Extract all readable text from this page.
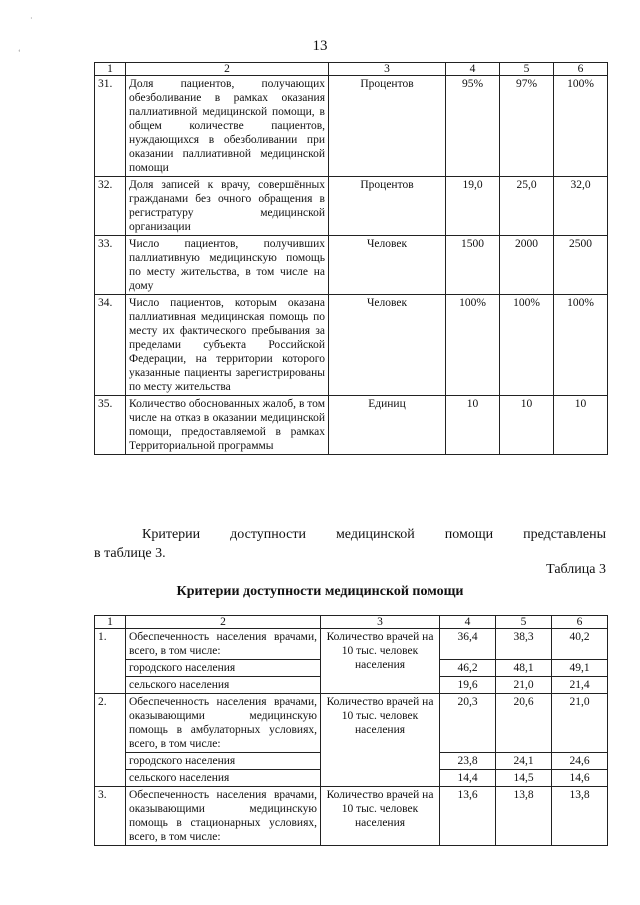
13
1	2	3	4	5	6
31.	Доля пациентов, получающих обезболивание в рамках оказания паллиативной медицинской помощи, в общем количестве пациентов, нуждающихся в обезболивании при оказании паллиативной медицинской помощи	Процентов	95%	97%	100%
32.	Доля записей к врачу, совершённых гражданами без очного обращения в регистратуру медицинской организации	Процентов	19,0	25,0	32,0
33.	Число пациентов, получивших паллиативную медицинскую помощь по месту жительства, в том числе на дому	Человек	1500	2000	2500
34.	Число пациентов, которым оказана паллиативная медицинская помощь по месту их фактического пребывания за пределами субъекта Российской Федерации, на территории которого указанные пациенты зарегистрированы по месту жительства	Человек	100%	100%	100%
35.	Количество обоснованных жалоб, в том числе на отказ в оказании медицинской помощи, предоставляемой в рамках Территориальной программы	Единиц	10	10	10
Критерии доступности медицинской помощи представлены
в таблице 3.
Таблица 3
Критерии доступности медицинской помощи
1	2	3	4	5	6
1.	Обеспеченность населения врачами, всего, в том числе:	Количество врачей на 10 тыс. человек населения	36,4	38,3	40,2
	городского населения		46,2	48,1	49,1
	сельского населения		19,6	21,0	21,4
2.	Обеспеченность населения врачами, оказывающими медицинскую помощь в амбулаторных условиях, всего, в том числе:	Количество врачей на 10 тыс. человек населения	20,3	20,6	21,0
	городского населения		23,8	24,1	24,6
	сельского населения		14,4	14,5	14,6
3.	Обеспеченность населения врачами, оказывающими медицинскую помощь в стационарных условиях, всего, в том числе:	Количество врачей на 10 тыс. человек населения	13,6	13,8	13,8
‘
·
